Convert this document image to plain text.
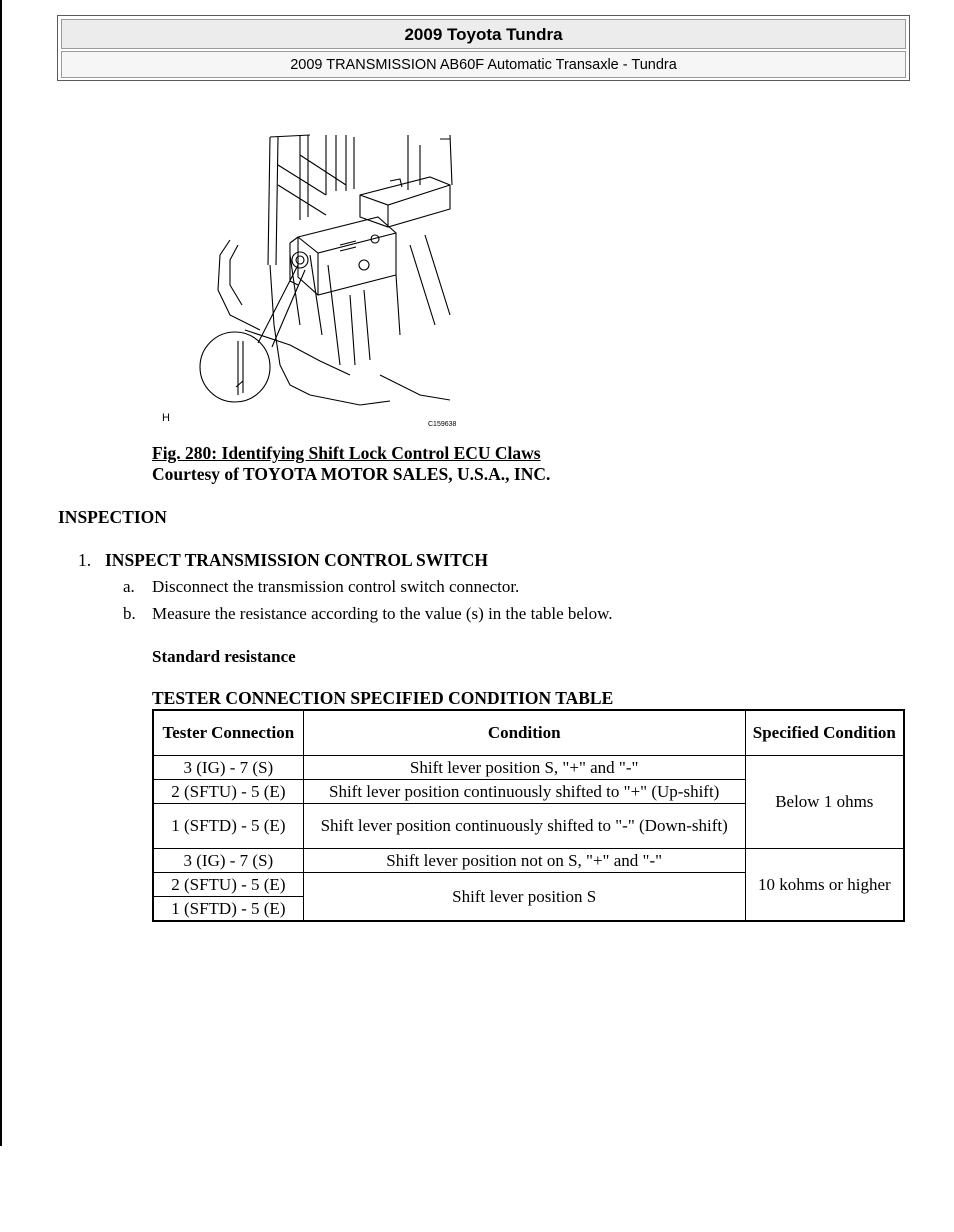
2009 Toyota Tundra
2009 TRANSMISSION AB60F Automatic Transaxle - Tundra
H
C159638
Fig. 280: Identifying Shift Lock Control ECU Claws
Courtesy of TOYOTA MOTOR SALES, U.S.A., INC.
INSPECTION
1. INSPECT TRANSMISSION CONTROL SWITCH
a. Disconnect the transmission control switch connector.
b. Measure the resistance according to the value (s) in the table below.
Standard resistance
TESTER CONNECTION SPECIFIED CONDITION TABLE
Tester Connection	Condition	Specified Condition
3 (IG) - 7 (S)	Shift lever position S, "+" and "-"	Below 1 ohms
2 (SFTU) - 5 (E)	Shift lever position continuously shifted to "+" (Up-shift)	
1 (SFTD) - 5 (E)	Shift lever position continuously shifted to "-" (Down-shift)	
3 (IG) - 7 (S)	Shift lever position not on S, "+" and "-"	10 kohms or higher
2 (SFTU) - 5 (E)	Shift lever position S	
1 (SFTD) - 5 (E)		
